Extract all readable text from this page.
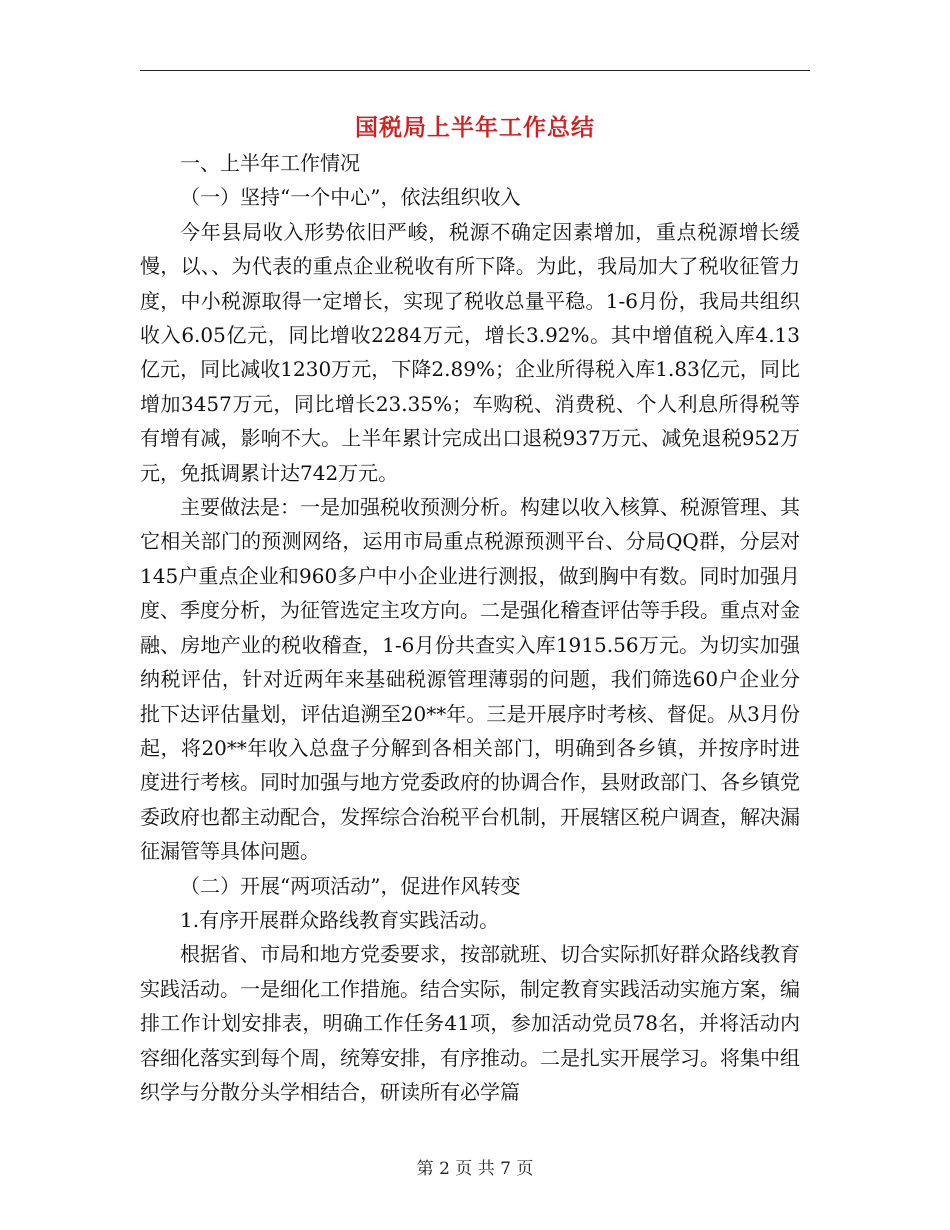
国税局上半年工作总结

一、上半年工作情况

（一）坚持“一个中心”，依法组织收入

今年县局收入形势依旧严峻，税源不确定因素增加，重点税源增长缓慢，以、、为代表的重点企业税收有所下降。为此，我局加大了税收征管力度，中小税源取得一定增长，实现了税收总量平稳。1-6月份，我局共组织收入6.05亿元，同比增收2284万元，增长3.92%。其中增值税入库4.13亿元，同比减收1230万元，下降2.89%；企业所得税入库1.83亿元，同比增加3457万元，同比增长23.35%；车购税、消费税、个人利息所得税等有增有减，影响不大。上半年累计完成出口退税937万元、减免退税952万元，免抵调累计达742万元。

主要做法是：一是加强税收预测分析。构建以收入核算、税源管理、其它相关部门的预测网络，运用市局重点税源预测平台、分局QQ群，分层对145户重点企业和960多户中小企业进行测报，做到胸中有数。同时加强月度、季度分析，为征管选定主攻方向。二是强化稽查评估等手段。重点对金融、房地产业的税收稽查，1-6月份共查实入库1915.56万元。为切实加强纳税评估，针对近两年来基础税源管理薄弱的问题，我们筛选60户企业分批下达评估量划，评估追溯至20**年。三是开展序时考核、督促。从3月份起，将20**年收入总盘子分解到各相关部门，明确到各乡镇，并按序时进度进行考核。同时加强与地方党委政府的协调合作，县财政部门、各乡镇党委政府也都主动配合，发挥综合治税平台机制，开展辖区税户调查，解决漏征漏管等具体问题。

（二）开展“两项活动”，促进作风转变

1.有序开展群众路线教育实践活动。

根据省、市局和地方党委要求，按部就班、切合实际抓好群众路线教育实践活动。一是细化工作措施。结合实际，制定教育实践活动实施方案，编排工作计划安排表，明确工作任务41项，参加活动党员78名，并将活动内容细化落实到每个周，统筹安排，有序推动。二是扎实开展学习。将集中组织学与分散分头学相结合，研读所有必学篇

第 2 页 共 7 页
